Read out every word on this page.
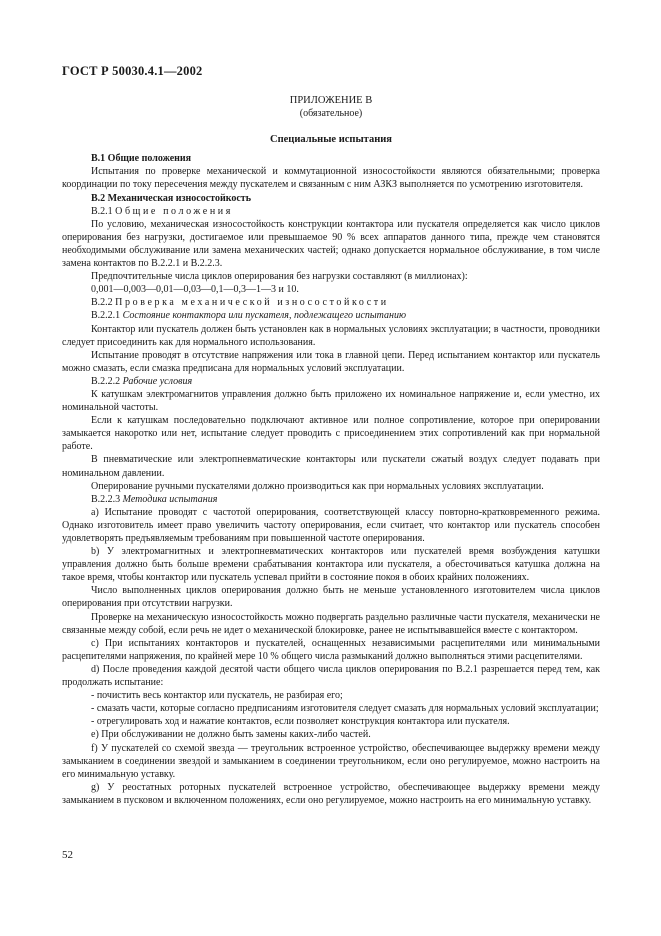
ГОСТ Р 50030.4.1—2002
ПРИЛОЖЕНИЕ В
(обязательное)
Специальные испытания

В.1 Общие положения

Испытания по проверке механической и коммутационной износостойкости являются обязательными; проверка координации по току пересечения между пускателем и связанным с ним АЗКЗ выполняется по усмотрению изготовителя.

В.2 Механическая износостойкость

В.2.1 Общие положения

По условию, механическая износостойкость конструкции контактора или пускателя определяется как число циклов оперирования без нагрузки, достигаемое или превышаемое 90 % всех аппаратов данного типа, прежде чем становятся необходимыми обслуживание или замена механических частей; однако допускается нормальное обслуживание, в том числе замена контактов по В.2.2.1 и В.2.2.3.

Предпочтительные числа циклов оперирования без нагрузки составляют (в миллионах):

0,001—0,003—0,01—0,03—0,1—0,3—1—3 и 10.

В.2.2 Проверка механической износостойкости

В.2.2.1 Состояние контактора или пускателя, подлежащего испытанию

Контактор или пускатель должен быть установлен как в нормальных условиях эксплуатации; в частности, проводники следует присоединить как для нормального использования.

Испытание проводят в отсутствие напряжения или тока в главной цепи. Перед испытанием контактор или пускатель можно смазать, если смазка предписана для нормальных условий эксплуатации.

В.2.2.2 Рабочие условия

К катушкам электромагнитов управления должно быть приложено их номинальное напряжение и, если уместно, их номинальной частоты.

Если к катушкам последовательно подключают активное или полное сопротивление, которое при оперировании замыкается накоротко или нет, испытание следует проводить с присоединением этих сопротивлений как при нормальной работе.

В пневматические или электропневматические контакторы или пускатели сжатый воздух следует подавать при номинальном давлении.

Оперирование ручными пускателями должно производиться как при нормальных условиях эксплуатации.

В.2.2.3 Методика испытания

а) Испытание проводят с частотой оперирования, соответствующей классу повторно-кратковременного режима. Однако изготовитель имеет право увеличить частоту оперирования, если считает, что контактор или пускатель способен удовлетворять предъявляемым требованиям при повышенной частоте оперирования.

b) У электромагнитных и электропневматических контакторов или пускателей время возбуждения катушки управления должно быть больше времени срабатывания контактора или пускателя, а обесточиваться катушка должна на такое время, чтобы контактор или пускатель успевал прийти в состояние покоя в обоих крайних положениях.

Число выполненных циклов оперирования должно быть не меньше установленного изготовителем числа циклов оперирования при отсутствии нагрузки.

Проверке на механическую износостойкость можно подвергать раздельно различные части пускателя, механически не связанные между собой, если речь не идет о механической блокировке, ранее не испытывавшейся вместе с контактором.

c) При испытаниях контакторов и пускателей, оснащенных независимыми расцепителями или минимальными расцепителями напряжения, по крайней мере 10 % общего числа размыканий должно выполняться этими расцепителями.

d) После проведения каждой десятой части общего числа циклов оперирования по В.2.1 разрешается перед тем, как продолжать испытание:

- почистить весь контактор или пускатель, не разбирая его;

- смазать части, которые согласно предписаниям изготовителя следует смазать для нормальных условий эксплуатации;

- отрегулировать ход и нажатие контактов, если позволяет конструкция контактора или пускателя.

е) При обслуживании не должно быть замены каких-либо частей.

f) У пускателей со схемой звезда — треугольник встроенное устройство, обеспечивающее выдержку времени между замыканием в соединении звездой и замыканием в соединении треугольником, если оно регулируемое, можно настроить на его минимальную уставку.

g) У реостатных роторных пускателей встроенное устройство, обеспечивающее выдержку времени между замыканием в пусковом и включенном положениях, если оно регулируемое, можно настроить на его минимальную уставку.

52
